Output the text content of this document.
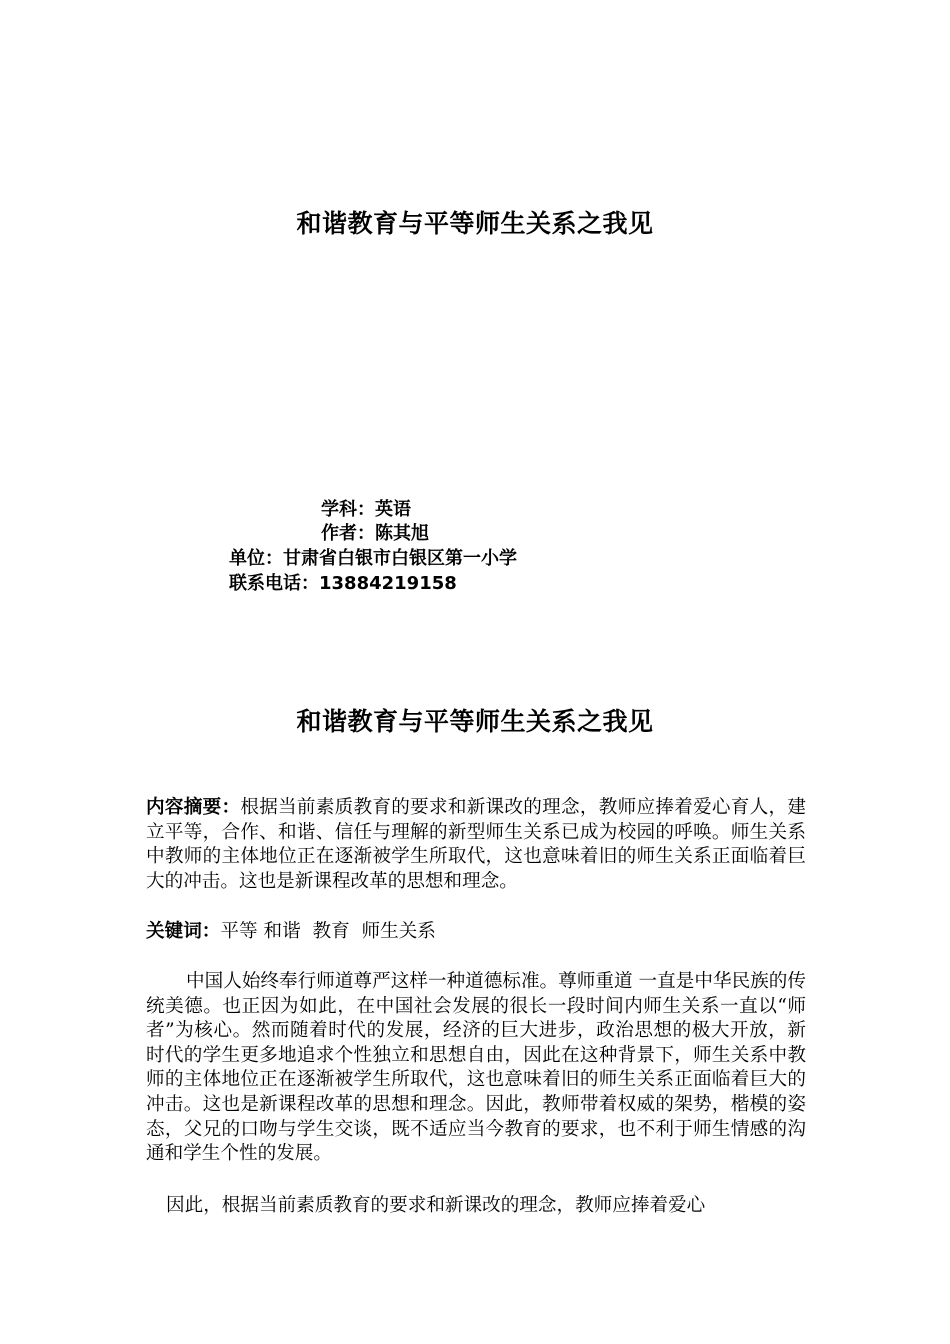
和谐教育与平等师生关系之我见
学科：英语
作者：陈其旭
单位：甘肃省白银市白银区第一小学
联系电话：13884219158
和谐教育与平等师生关系之我见
内容摘要：根据当前素质教育的要求和新课改的理念，教师应捧着爱心育人，建立平等，合作、和谐、信任与理解的新型师生关系已成为校园的呼唤。师生关系中教师的主体地位正在逐渐被学生所取代，这也意味着旧的师生关系正面临着巨大的冲击。这也是新课程改革的思想和理念。
关键词：平等 和谐  教育  师生关系
中国人始终奉行师道尊严这样一种道德标准。尊师重道 一直是中华民族的传统美德。也正因为如此，在中国社会发展的很长一段时间内师生关系一直以“师者”为核心。然而随着时代的发展，经济的巨大进步，政治思想的极大开放，新时代的学生更多地追求个性独立和思想自由，因此在这种背景下，师生关系中教师的主体地位正在逐渐被学生所取代，这也意味着旧的师生关系正面临着巨大的冲击。这也是新课程改革的思想和理念。因此，教师带着权威的架势，楷模的姿态，父兄的口吻与学生交谈，既不适应当今教育的要求，也不利于师生情感的沟通和学生个性的发展。
因此，根据当前素质教育的要求和新课改的理念，教师应捧着爱心
